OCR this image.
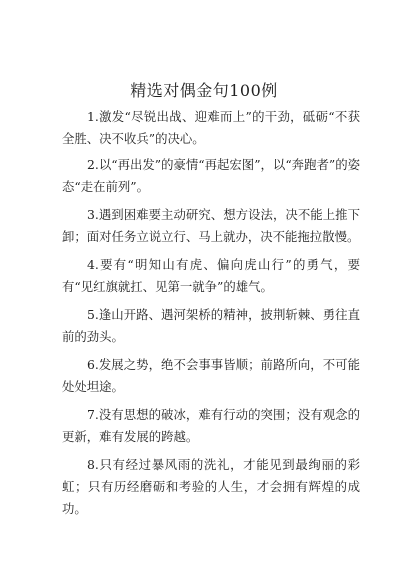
精选对偶金句100例

1.激发“尽锐出战、迎难而上”的干劲，砥砺“不获全胜、决不收兵”的决心。

2.以“再出发”的豪情“再起宏图”，以“奔跑者”的姿态“走在前列”。

3.遇到困难要主动研究、想方设法，决不能上推下卸；面对任务立说立行、马上就办，决不能拖拉散慢。

4.要有“明知山有虎、偏向虎山行”的勇气，要有“见红旗就扛、见第一就争”的雄气。

5.逢山开路、遇河架桥的精神，披荆斩棘、勇往直前的劲头。

6.发展之势，绝不会事事皆顺；前路所向，不可能处处坦途。

7.没有思想的破冰，难有行动的突围；没有观念的更新，难有发展的跨越。

8.只有经过暴风雨的洗礼，才能见到最绚丽的彩虹；只有历经磨砺和考验的人生，才会拥有辉煌的成功。
